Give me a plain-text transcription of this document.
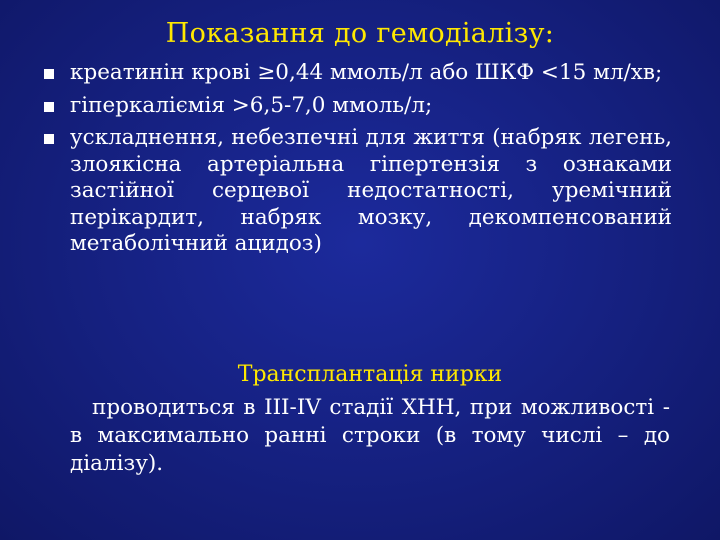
Показання до гемодіалізу:
креатинін крові ≥0,44 ммоль/л або ШКФ <15 мл/хв;
гіперкаліємія >6,5-7,0 ммоль/л;
ускладнення, небезпечні для життя (набряк легень, злоякісна артеріальна гіпертензія з ознаками застійної серцевої недостатності, уремічний перікардит, набряк мозку, декомпенсований метаболічний ацидоз)
Трансплантація нирки
проводиться в ІІІ-IV стадії ХНН, при можливості - в максимально ранні строки (в тому числі – до діалізу).
